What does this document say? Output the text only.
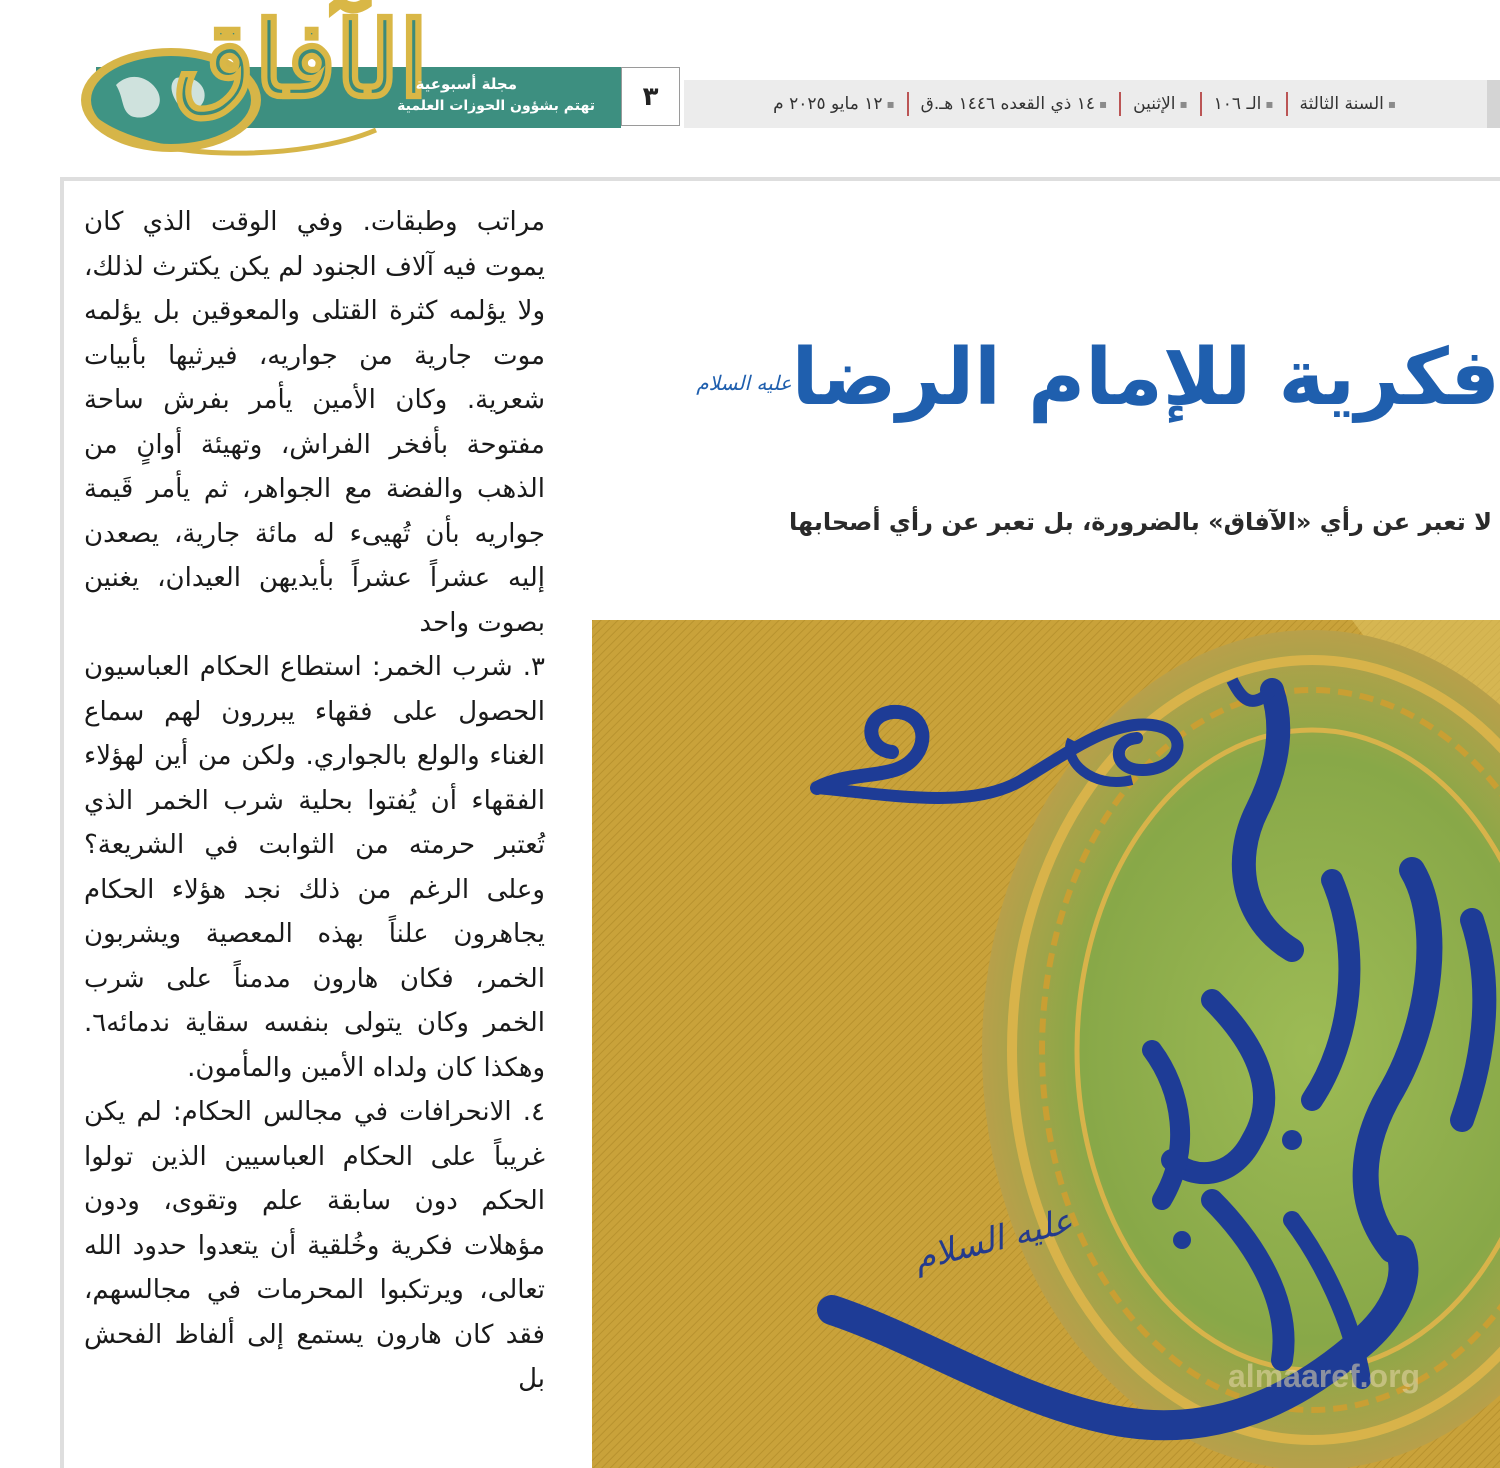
الآفاق
مجلة أسبوعية
تهتم بشؤون الحوزات العلمية	٣	▪
السنة الثالثة
▪
الـ ١٠٦
▪
الإثنين
▪
١٤ ذي القعده ١٤٤٦ هـ.ق
▪
١٢ مايو ٢٠٢٥ م

مراتب وطبقات. وفي الوقت الذي كان يموت فيه آلاف الجنود لم يكن يكترث لذلك، ولا يؤلمه كثرة القتلى والمعوقين بل يؤلمه موت جارية من جواريه، فيرثيها بأبيات شعرية. وكان الأمين يأمر بفرش ساحة مفتوحة بأفخر الفراش، وتهيئة أوانٍ من الذهب والفضة مع الجواهر، ثم يأمر قَيمة جواريه بأن تُهيىء له مائة جارية، يصعدن إليه عشراً عشراً بأيديهن العيدان، يغنين بصوت واحد

٣. شرب الخمر: استطاع الحكام العباسيون الحصول على فقهاء يبررون لهم سماع الغناء والولع بالجواري. ولكن من أين لهؤلاء الفقهاء أن يُفتوا بحلية شرب الخمر الذي تُعتبر حرمته من الثوابت في الشريعة؟ وعلى الرغم من ذلك نجد هؤلاء الحكام يجاهرون علناً بهذه المعصية ويشربون الخمر، فكان هارون مدمناً على شرب الخمر وكان يتولى بنفسه سقاية ندمائه٦. وهكذا كان ولداه الأمين والمأمون.

٤. الانحرافات في مجالس الحكام: لم يكن غريباً على الحكام العباسيين الذين تولوا الحكم دون سابقة علم وتقوى، ودون مؤهلات فكرية وخُلقية أن يتعدوا حدود الله تعالى، ويرتكبوا المحرمات في مجالسهم، فقد كان هارون يستمع إلى ألفاظ الفحش بل

فكرية للإمام الرضا
عليه السلام
لا تعبر عن رأي «الآفاق» بالضرورة، بل تعبر عن رأي أصحابها
عليه السلام
almaaref.org
